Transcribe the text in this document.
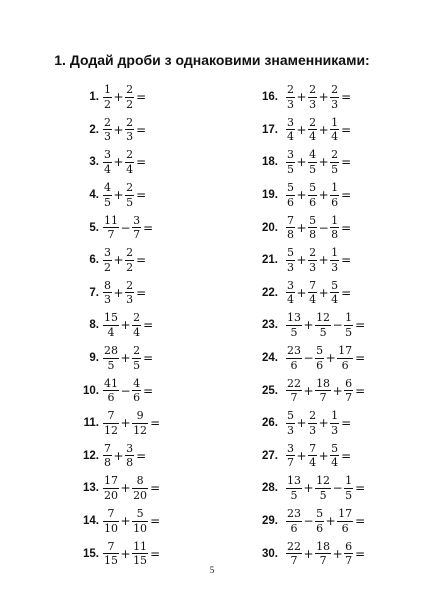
1. Додай дроби з однаковими знаменниками:
1. $\frac{1}{2} + \frac{2}{2}$ =
2. $\frac{2}{3} + \frac{2}{3}$ =
3. $\frac{3}{4} + \frac{2}{4}$ =
4. $\frac{4}{5} + \frac{2}{5}$ =
5. $\frac{11}{7} - \frac{3}{7}$ =
6. $\frac{3}{2} + \frac{2}{2}$ =
7. $\frac{8}{3} + \frac{2}{3}$ =
8. $\frac{15}{4} + \frac{2}{4}$ =
9. $\frac{28}{5} + \frac{2}{5}$ =
10. $\frac{41}{6} - \frac{4}{6}$ =
11. $\frac{7}{12} + \frac{9}{12}$ =
12. $\frac{7}{8} + \frac{3}{8}$ =
13. $\frac{17}{20} + \frac{8}{20}$ =
14. $\frac{7}{10} + \frac{5}{10}$ =
15. $\frac{7}{15} + \frac{11}{15}$ =
16. $\frac{2}{3} + \frac{2}{3} + \frac{2}{3}$ =
17. $\frac{3}{4} + \frac{2}{4} + \frac{1}{4}$ =
18. $\frac{3}{5} + \frac{4}{5} + \frac{2}{5}$ =
19. $\frac{5}{6} + \frac{5}{6} + \frac{1}{6}$ =
20. $\frac{7}{8} + \frac{5}{8} - \frac{1}{8}$ =
21. $\frac{5}{3} + \frac{2}{3} + \frac{1}{3}$ =
22. $\frac{3}{4} + \frac{7}{4} + \frac{5}{4}$ =
23. $\frac{13}{5} + \frac{12}{5} - \frac{1}{5}$ =
24. $\frac{23}{6} - \frac{5}{6} + \frac{17}{6}$ =
25. $\frac{22}{7} + \frac{18}{7} + \frac{6}{7}$ =
26. $\frac{5}{3} + \frac{2}{3} + \frac{1}{3}$ =
27. $\frac{3}{7} + \frac{7}{4} + \frac{5}{4}$ =
28. $\frac{13}{5} + \frac{12}{5} - \frac{1}{5}$ =
29. $\frac{23}{6} - \frac{5}{6} + \frac{17}{6}$ =
30. $\frac{22}{7} + \frac{18}{7} + \frac{6}{7}$ =
5
